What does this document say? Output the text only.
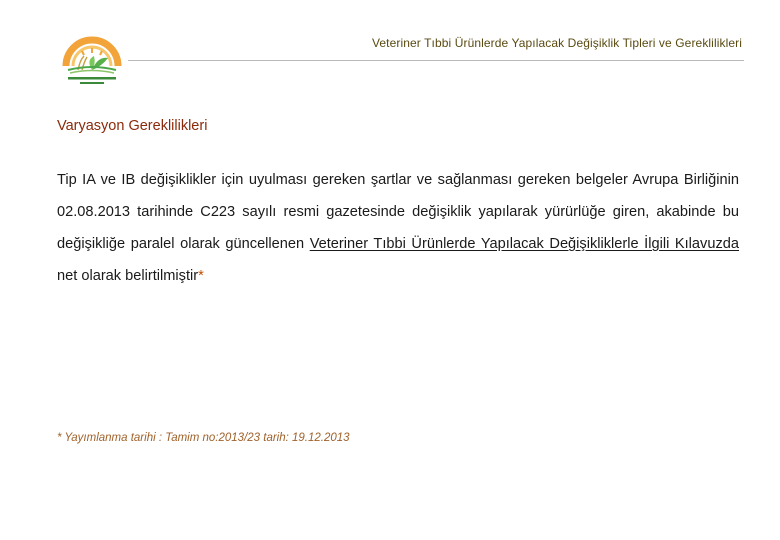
Veteriner Tıbbi Ürünlerde Yapılacak Değişiklik Tipleri ve Gereklilikleri
Varyasyon Gereklilikleri
Tip IA ve IB değişiklikler için uyulması gereken şartlar ve sağlanması gereken belgeler Avrupa Birliğinin 02.08.2013 tarihinde C223 sayılı resmi gazetesinde değişiklik yapılarak yürürlüğe giren, akabinde bu değişikliğe paralel olarak güncellenen Veteriner Tıbbi Ürünlerde Yapılacak Değişikliklerle İlgili Kılavuzda net olarak belirtilmiştir*
* Yayımlanma tarihi : Tamim no:2013/23 tarih: 19.12.2013
